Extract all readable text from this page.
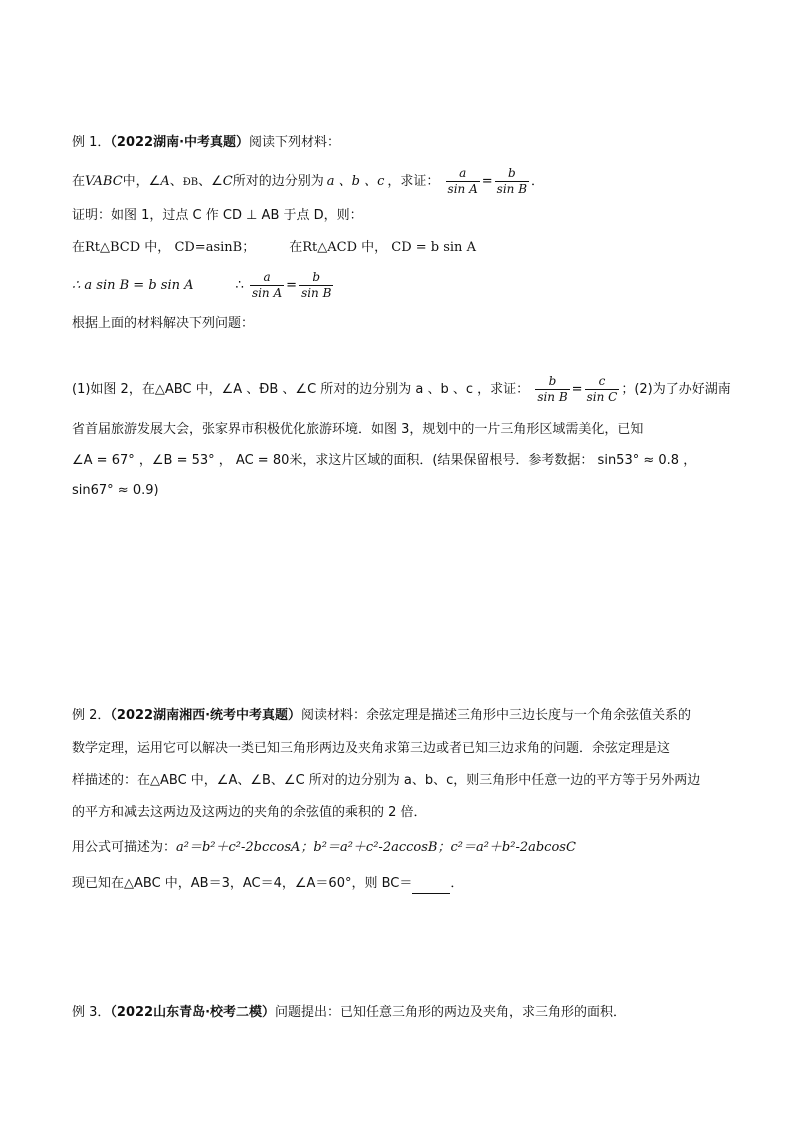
例 1．（2022湖南·中考真题）阅读下列材料：
在VABC中，∠A、ÐB、∠C所对的边分别为 a 、b 、c ，求证： $\frac{a}{\text{sin A}} = \frac{b}{\text{sin B}}$ ．
证明：如图 1，过点 C 作 CD ⊥ AB 于点 D，则：
在Rt△BCD 中， CD=asinB；	在Rt△ACD 中， CD = b sin A
∴ a sin B = b sin A	∴ $\frac{a}{\text{sin A}} = \frac{b}{\text{sin B}}$
根据上面的材料解决下列问题：
(1)如图 2，在△ABC 中，∠A 、ÐB 、∠C 所对的边分别为 a 、b 、c ，求证： $\frac{b}{\text{sin B}} = \frac{c}{\text{sin C}}$ ；(2)为了办好湖南
省首届旅游发展大会，张家界市积极优化旅游环境．如图 3，规划中的一片三角形区域需美化，已知
∠A = 67° ，∠B = 53° ， AC = 80米，求这片区域的面积．(结果保留根号．参考数据： sin53° ≈ 0.8 ，
sin67° ≈ 0.9)
例 2．（2022湖南湘西·统考中考真题）阅读材料：余弦定理是描述三角形中三边长度与一个角余弦值关系的
数学定理，运用它可以解决一类已知三角形两边及夹角求第三边或者已知三边求角的问题．余弦定理是这
样描述的：在△ABC 中，∠A、∠B、∠C 所对的边分别为 a、b、c，则三角形中任意一边的平方等于另外两边
的平方和减去这两边及这两边的夹角的余弦值的乘积的 2 倍．
用公式可描述为：a²＝b²＋c²-2bccosA；b²＝a²＋c²-2accosB；c²＝a²＋b²-2abcosC
现已知在△ABC 中，AB＝3，AC＝4，∠A＝60°，则 BC＝	．
例 3．（2022山东青岛·校考二模）问题提出：已知任意三角形的两边及夹角，求三角形的面积．
